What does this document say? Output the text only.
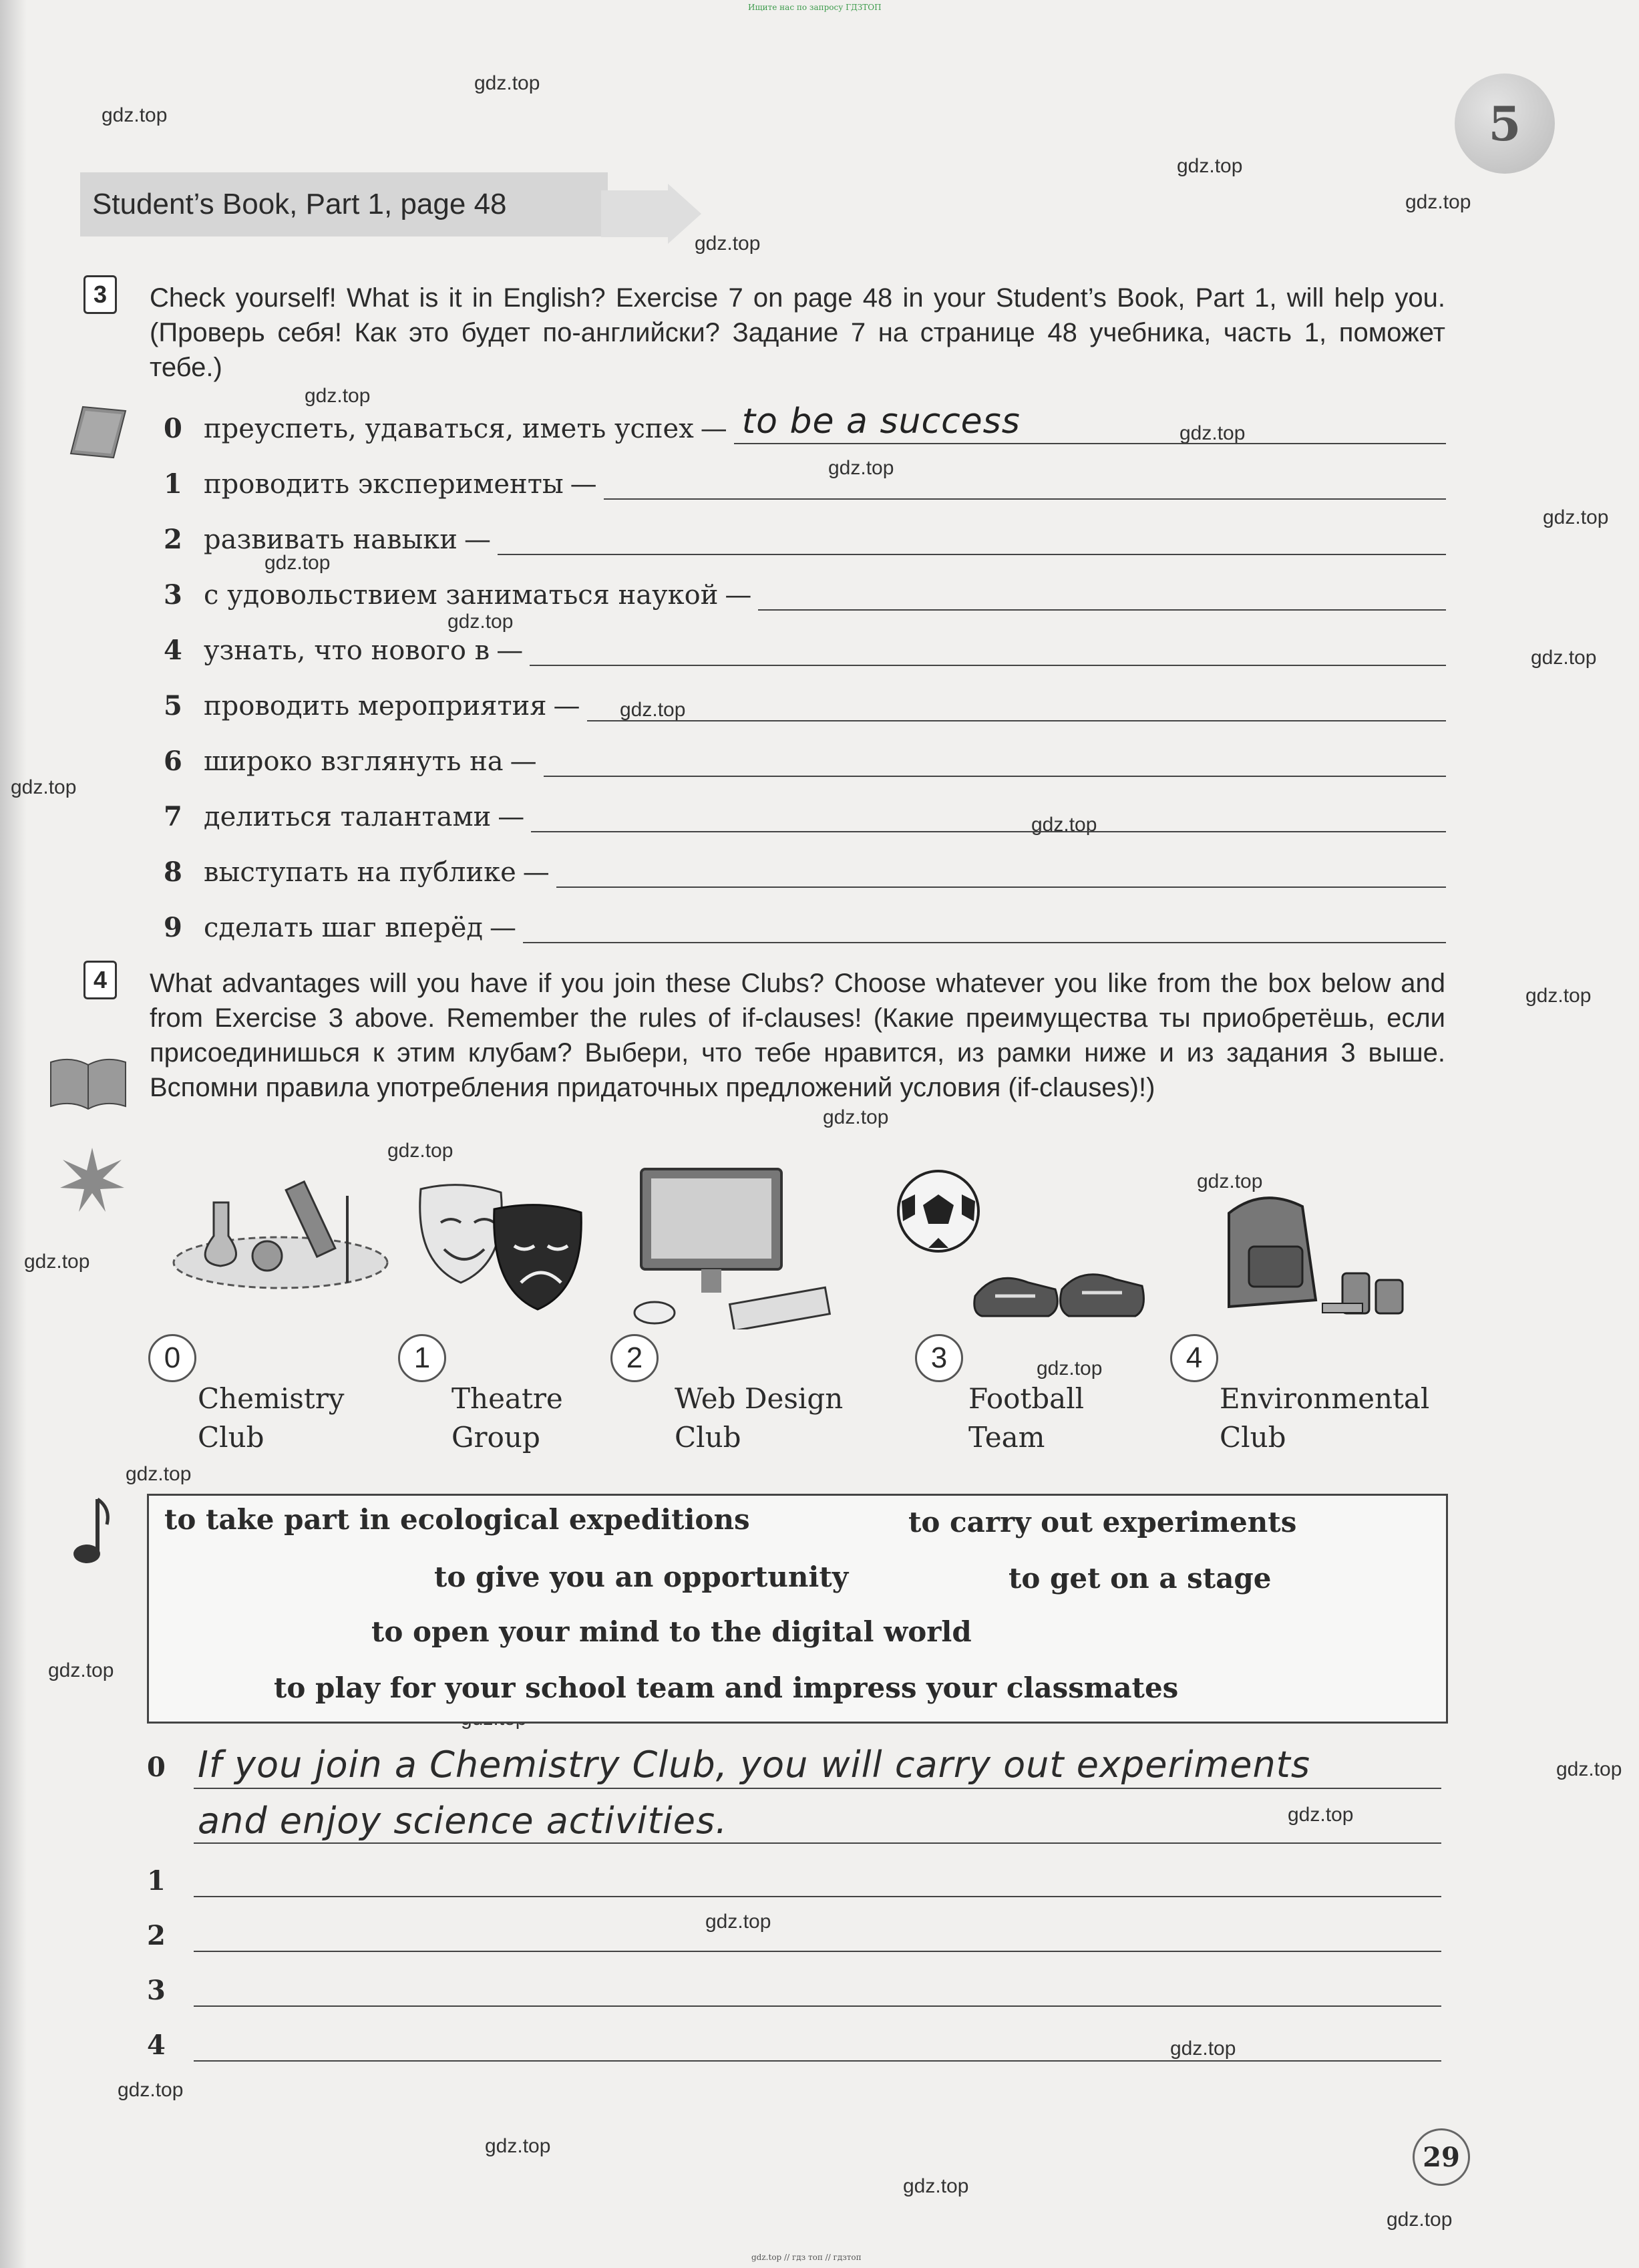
Ищите нас по запросу ГДЗТОП
gdz.top // гдз топ // гдзтоп
gdz.top
gdz.top
gdz.top
gdz.top
gdz.top
gdz.top
gdz.top
gdz.top
gdz.top
gdz.top
gdz.top
gdz.top
gdz.top
gdz.top
gdz.top
gdz.top
gdz.top
gdz.top
gdz.top
gdz.top
gdz.top
gdz.top
gdz.top
gdz.top
gdz.top
gdz.top
gdz.top
gdz.top
gdz.top
gdz.top
gdz.top
5
Student’s Book, Part 1, page 48
3	Check yourself! What is it in English? Exercise 7 on page 48 in your Student’s Book, Part 1, will help you. (Проверь себя! Как это будет по-английски? Задание 7 на странице 48 учебника, часть 1, поможет тебе.)
0 преуспеть, удаваться, иметь успех — to be a success
1 проводить эксперименты —
2 развивать навыки —
3 с удовольствием заниматься наукой —
4 узнать, что нового в —
5 проводить мероприятия —
6 широко взглянуть на —
7 делиться талантами —
8 выступать на публике —
9 сделать шаг вперёд —
4	What advantages will you have if you join these Clubs? Choose whatever you like from the box below and from Exercise 3 above. Remember the rules of if-clauses! (Какие преимущества ты приобретёшь, если присоединишься к этим клубам? Выбери, что тебе нравится, из рамки ниже и из задания 3 выше. Вспомни правила употребления придаточных предложений условия (if-clauses)!)
0
Chemistry
Club
1
Theatre
Group
2
Web Design
Club
3
Football
Team
4
Environmental
Club
to take part in ecological expeditions	to carry out experiments
to give you an opportunity	to get on a stage
to open your mind to the digital world
to play for your school team and impress your classmates
0 If you join a Chemistry Club, you will carry out experiments
and enjoy science activities.
1
2
3
4
29
